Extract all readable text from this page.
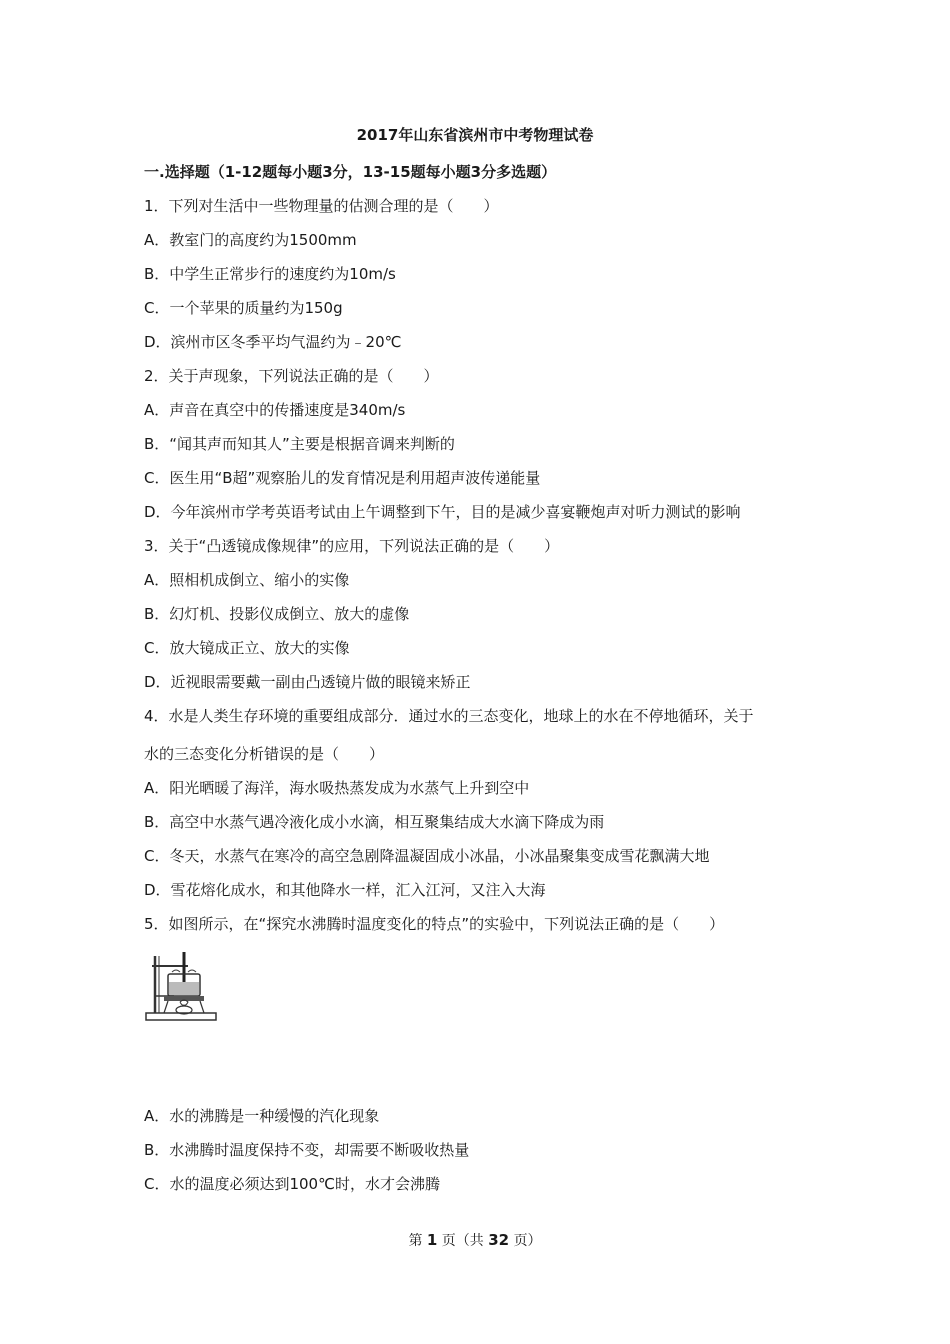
2017年山东省滨州市中考物理试卷
一.选择题（1-12题每小题3分，13-15题每小题3分多选题）
1．下列对生活中一些物理量的估测合理的是（　　）
A．教室门的高度约为1500mm
B．中学生正常步行的速度约为10m/s
C．一个苹果的质量约为150g
D．滨州市区冬季平均气温约为﹣20℃
2．关于声现象，下列说法正确的是（　　）
A．声音在真空中的传播速度是340m/s
B．“闻其声而知其人”主要是根据音调来判断的
C．医生用“B超”观察胎儿的发育情况是利用超声波传递能量
D．今年滨州市学考英语考试由上午调整到下午，目的是减少喜宴鞭炮声对听力测试的影响
3．关于“凸透镜成像规律”的应用，下列说法正确的是（　　）
A．照相机成倒立、缩小的实像
B．幻灯机、投影仪成倒立、放大的虚像
C．放大镜成正立、放大的实像
D．近视眼需要戴一副由凸透镜片做的眼镜来矫正
4．水是人类生存环境的重要组成部分．通过水的三态变化，地球上的水在不停地循环，关于
水的三态变化分析错误的是（　　）
A．阳光晒暖了海洋，海水吸热蒸发成为水蒸气上升到空中
B．高空中水蒸气遇冷液化成小水滴，相互聚集结成大水滴下降成为雨
C．冬天，水蒸气在寒冷的高空急剧降温凝固成小冰晶，小冰晶聚集变成雪花飘满大地
D．雪花熔化成水，和其他降水一样，汇入江河，又注入大海
5．如图所示，在“探究水沸腾时温度变化的特点”的实验中，下列说法正确的是（　　）
A．水的沸腾是一种缓慢的汽化现象
B．水沸腾时温度保持不变，却需要不断吸收热量
C．水的温度必须达到100℃时，水才会沸腾
第 1 页（共 32 页）
